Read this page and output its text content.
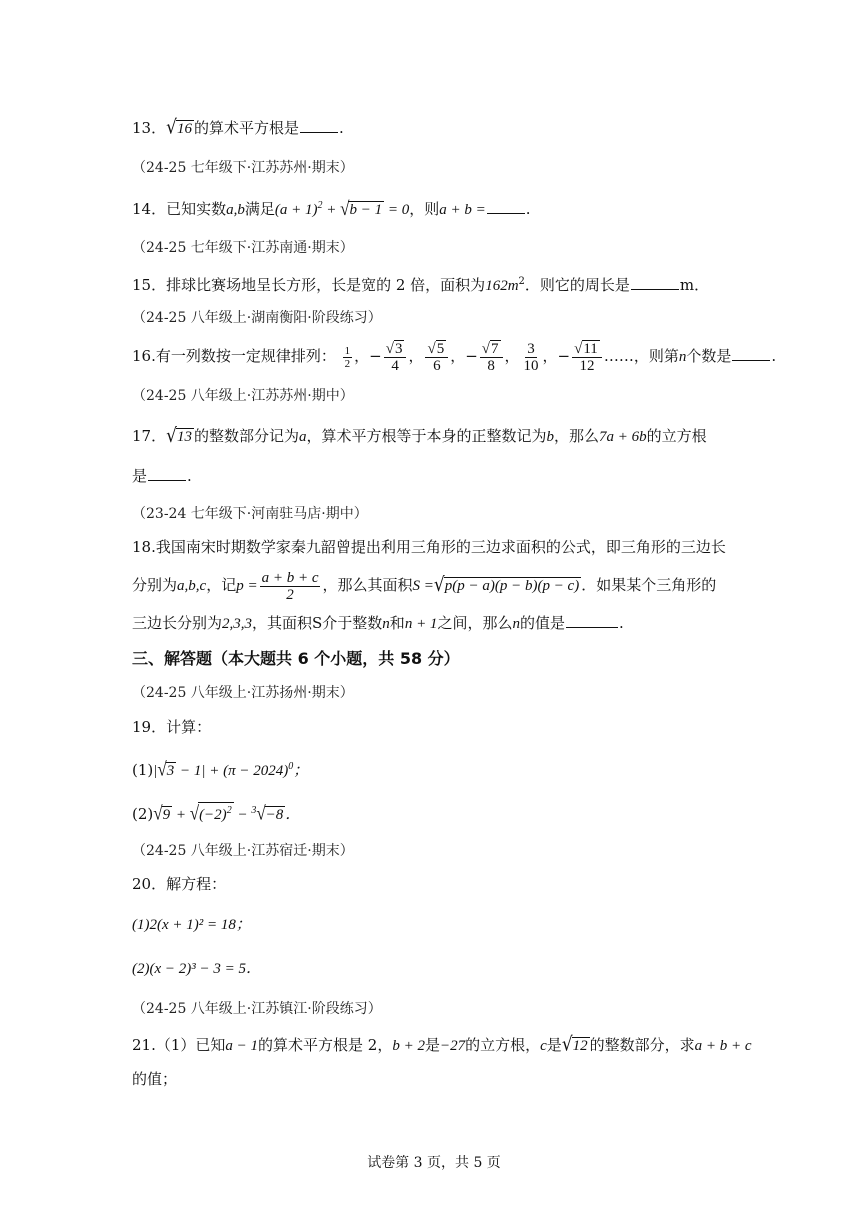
13．√16 的算术平方根是	.
（24-25 七年级下·江苏苏州·期末）
14．已知实数a,b满足$(a + 1)^2 + √b - 1 = 0$，则a + b =	.
（24-25 七年级下·江苏南通·期末）
15．排球比赛场地呈长方形，长是宽的 2 倍，面积为$162m^2$．则它的周长是	m．
（24-25 八年级上·湖南衡阳·阶段练习）
16.有一列数按一定规律排列： $\frac{1}{2}$ ，− $\frac{√3}{4}$ ， $\frac{√5}{6}$ ，− $\frac{√7}{8}$ ， $\frac{3}{10}$ ，− $\frac{√11}{12}$ ……，则第n个数是	.
（24-25 八年级上·江苏苏州·期中）
17．√13 的整数部分记为a，算术平方根等于本身的正整数记为b，那么7a + 6b的立方根
是	.
（23-24 七年级下·河南驻马店·期中）
18.我国南宋时期数学家秦九韶曾提出利用三角形的三边求面积的公式，即三角形的三边长
分别为a,b,c，记$p = \frac{a + b + c}{2}$ ，那么其面积S =√p(p − a)(p − b)(p − c) ．如果某个三角形的
三边长分别为2,3,3，其面积S介于整数n和n + 1之间，那么n的值是	.
三、解答题（本大题共 6 个小题，共 58 分）
（24-25 八年级上·江苏扬州·期末）
19．计算：
$(1)|√3 - 1| + (\pi - 2024)^0$；
$(2)√9 + √(-2)^2 - ^3√-8$ ．
（24-25 八年级上·江苏宿迁·期末）
20．解方程：
(1)2(x + 1)² = 18；
(2)(x − 2)³ − 3 = 5．
（24-25 八年级上·江苏镇江·阶段练习）
21.（1）已知a − 1的算术平方根是 2，b + 2是−27的立方根，c是√12 的整数部分，求a + b + c
的值；
试卷第 3 页，共 5 页
